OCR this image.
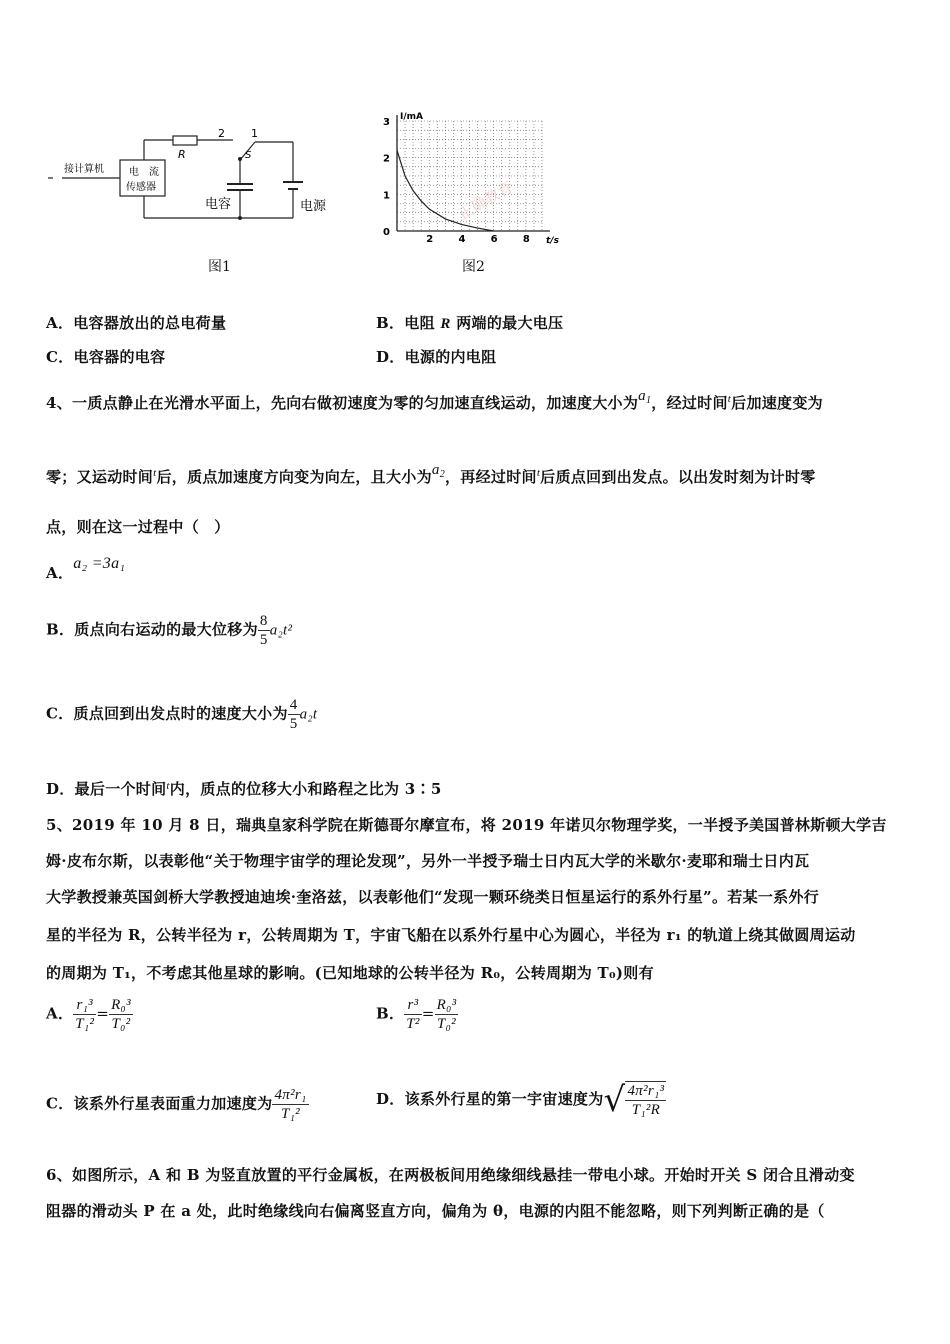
接计算机	电　流
传感器
R
2 1
S
电容	电源
图1
I/mA
t/s
0
2	4	6	8
1
2
3
正确教育
图2
A．电容器放出的总电荷量	B．电阻 R 两端的最大电压
C．电容器的电容	D．电源的内电阻
4、一质点静止在光滑水平面上，先向右做初速度为零的匀加速直线运动，加速度大小为$a_1$，经过时间$^t$后加速度变为
零；又运动时间$^t$后，质点加速度方向变为向左，且大小为$a_2$，再经过时间$^t$后质点回到出发点。以出发时刻为计时零
点，则在这一过程中（　）
A．a₂ =3a₁
B．质点向右运动的最大位移为 $\frac{8}{5} a_2t^2$
C．质点回到出发点时的速度大小为 $\frac{4}{5} a_2t$
D．最后一个时间$^t$内，质点的位移大小和路程之比为 3∶5
5、2019 年 10 月 8 日，瑞典皇家科学院在斯德哥尔摩宣布，将 2019 年诺贝尔物理学奖，一半授予美国普林斯顿大学吉
姆·皮布尔斯，以表彰他“关于物理宇宙学的理论发现”，另外一半授予瑞士日内瓦大学的米歇尔·麦耶和瑞士日内瓦
大学教授兼英国剑桥大学教授迪迪埃·奎洛兹，以表彰他们“发现一颗环绕类日恒星运行的系外行星”。若某一系外行
星的半径为 R，公转半径为 r，公转周期为 T，宇宙飞船在以系外行星中心为圆心，半径为 r₁ 的轨道上绕其做圆周运动
的周期为 T₁，不考虑其他星球的影响。(已知地球的公转半径为 R₀，公转周期为 T₀)则有
A． $\frac{\text{r₁³}}{\text{T₁²}} = \frac{\text{R₀³}}{\text{T₀²}}$	B． $\frac{\text{r³}}{\text{T²}} = \frac{\text{R₀³}}{\text{T₀²}}$
C．该系外行星表面重力加速度为 $\frac{\text{4π²r₁}}{\text{T₁²}}$	D．该系外行星的第一宇宙速度为√ $\frac{\text{4π²r₁³}}{\text{T₁²R}}$
6、如图所示，A 和 B 为竖直放置的平行金属板，在两极板间用绝缘细线悬挂一带电小球。开始时开关 S 闭合且滑动变
阻器的滑动头 P 在 a 处，此时绝缘线向右偏离竖直方向，偏角为 θ，电源的内阻不能忽略，则下列判断正确的是（
